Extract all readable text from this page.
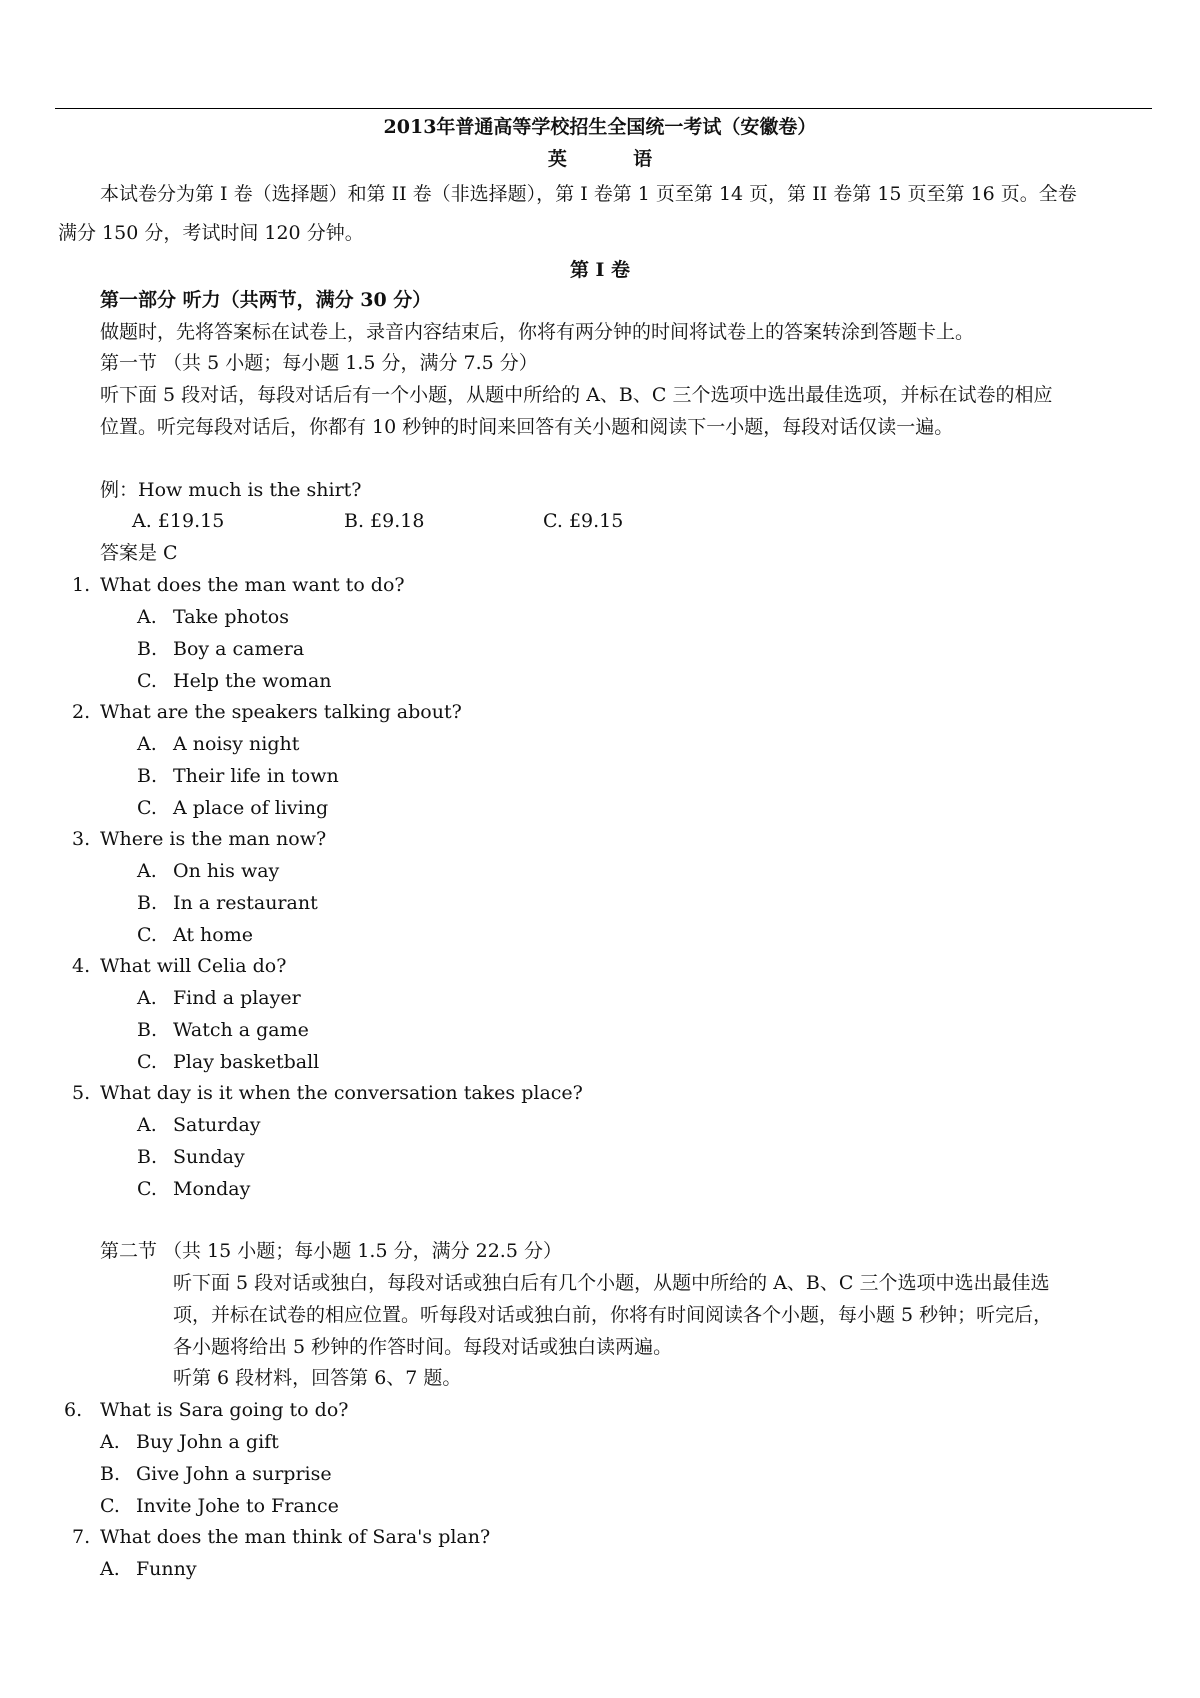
2013年普通高等学校招生全国统一考试（安徽卷）
英          语
本试卷分为第 I 卷（选择题）和第 II 卷（非选择题），第 I 卷第 1 页至第 14 页，第 II 卷第 15 页至第 16 页。全卷
满分 150 分，考试时间 120 分钟。
第 I 卷
第一部分 听力（共两节，满分 30 分）
做题时，先将答案标在试卷上，录音内容结束后，你将有两分钟的时间将试卷上的答案转涂到答题卡上。
第一节 （共 5 小题；每小题 1.5 分，满分 7.5 分）
听下面 5 段对话，每段对话后有一个小题，从题中所给的 A、B、C 三个选项中选出最佳选项，并标在试卷的相应
位置。听完每段对话后，你都有 10 秒钟的时间来回答有关小题和阅读下一小题，每段对话仅读一遍。
例：How much is the shirt?
A. £19.15	B. £9.18	C. £9.15
答案是 C
1. What does the man want to do?
A. Take photos
B. Boy a camera
C. Help the woman
2. What are the speakers talking about?
A. A noisy night
B. Their life in town
C. A place of living
3. Where is the man now?
A. On his way
B. In a restaurant
C. At home
4. What will Celia do?
A. Find a player
B. Watch a game
C. Play basketball
5. What day is it when the conversation takes place?
A. Saturday
B. Sunday
C. Monday
第二节 （共 15 小题；每小题 1.5 分，满分 22.5 分）
听下面 5 段对话或独白，每段对话或独白后有几个小题，从题中所给的 A、B、C 三个选项中选出最佳选
项，并标在试卷的相应位置。听每段对话或独白前，你将有时间阅读各个小题，每小题 5 秒钟；听完后，
各小题将给出 5 秒钟的作答时间。每段对话或独白读两遍。
听第 6 段材料，回答第 6、7 题。
6. What is Sara going to do?
A. Buy John a gift
B. Give John a surprise
C. Invite Johe to France
7. What does the man think of Sara's plan?
A. Funny
